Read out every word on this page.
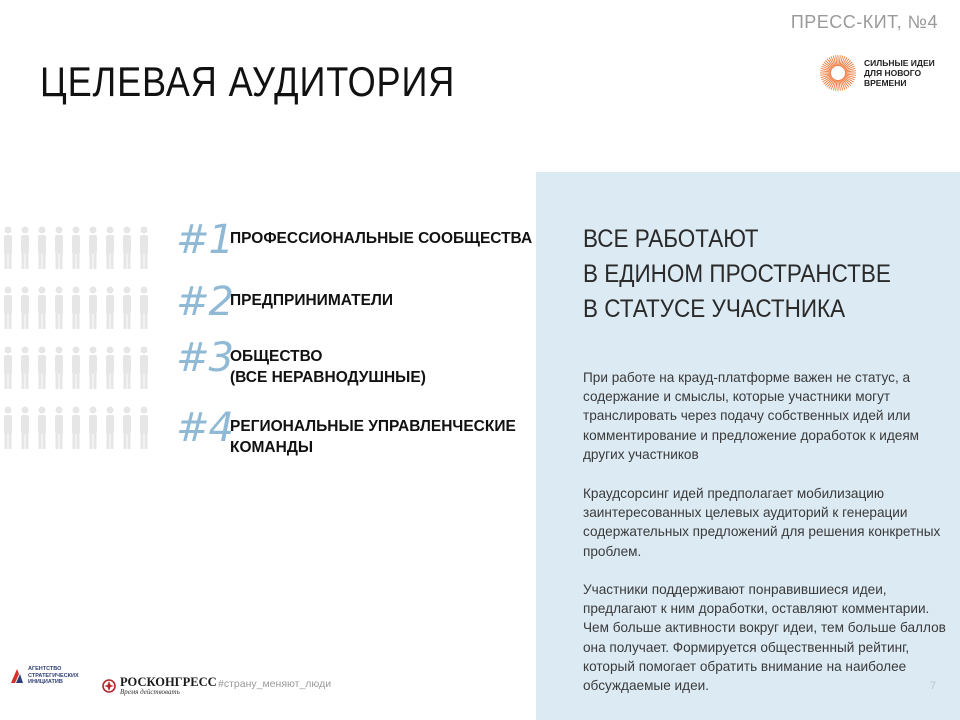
ЦЕЛЕВАЯ АУДИТОРИЯ
ПРЕСС-КИТ, №4
СИЛЬНЫЕ ИДЕИ
ДЛЯ НОВОГО
ВРЕМЕНИ
#1
ПРОФЕССИОНАЛЬНЫЕ СООБЩЕСТВА
#2
ПРЕДПРИНИМАТЕЛИ
#3
ОБЩЕСТВО
(ВСЕ НЕРАВНОДУШНЫЕ)
#4
РЕГИОНАЛЬНЫЕ УПРАВЛЕНЧЕСКИЕ
КОМАНДЫ
ВСЕ РАБОТАЮТ
В ЕДИНОМ ПРОСТРАНСТВЕ
В СТАТУСЕ УЧАСТНИКА
При работе на крауд-платформе важен не статус, а содержание и смыслы, которые участники могут транслировать через подачу собственных идей или комментирование и предложение доработок к идеям других участников
Краудсорсинг идей предполагает мобилизацию заинтересованных целевых аудиторий к генерации содержательных предложений для решения конкретных проблем.
Участники поддерживают понравившиеся идеи, предлагают к ним доработки, оставляют комментарии. Чем больше активности вокруг идеи, тем больше баллов она получает. Формируется общественный рейтинг, который помогает обратить внимание на наиболее обсуждаемые идеи.	7
АГЕНТСТВО
СТРАТЕГИЧЕСКИХ
ИНИЦИАТИВ	РОСКОНГРЕСС
Время действовать
#страну_меняют_люди
